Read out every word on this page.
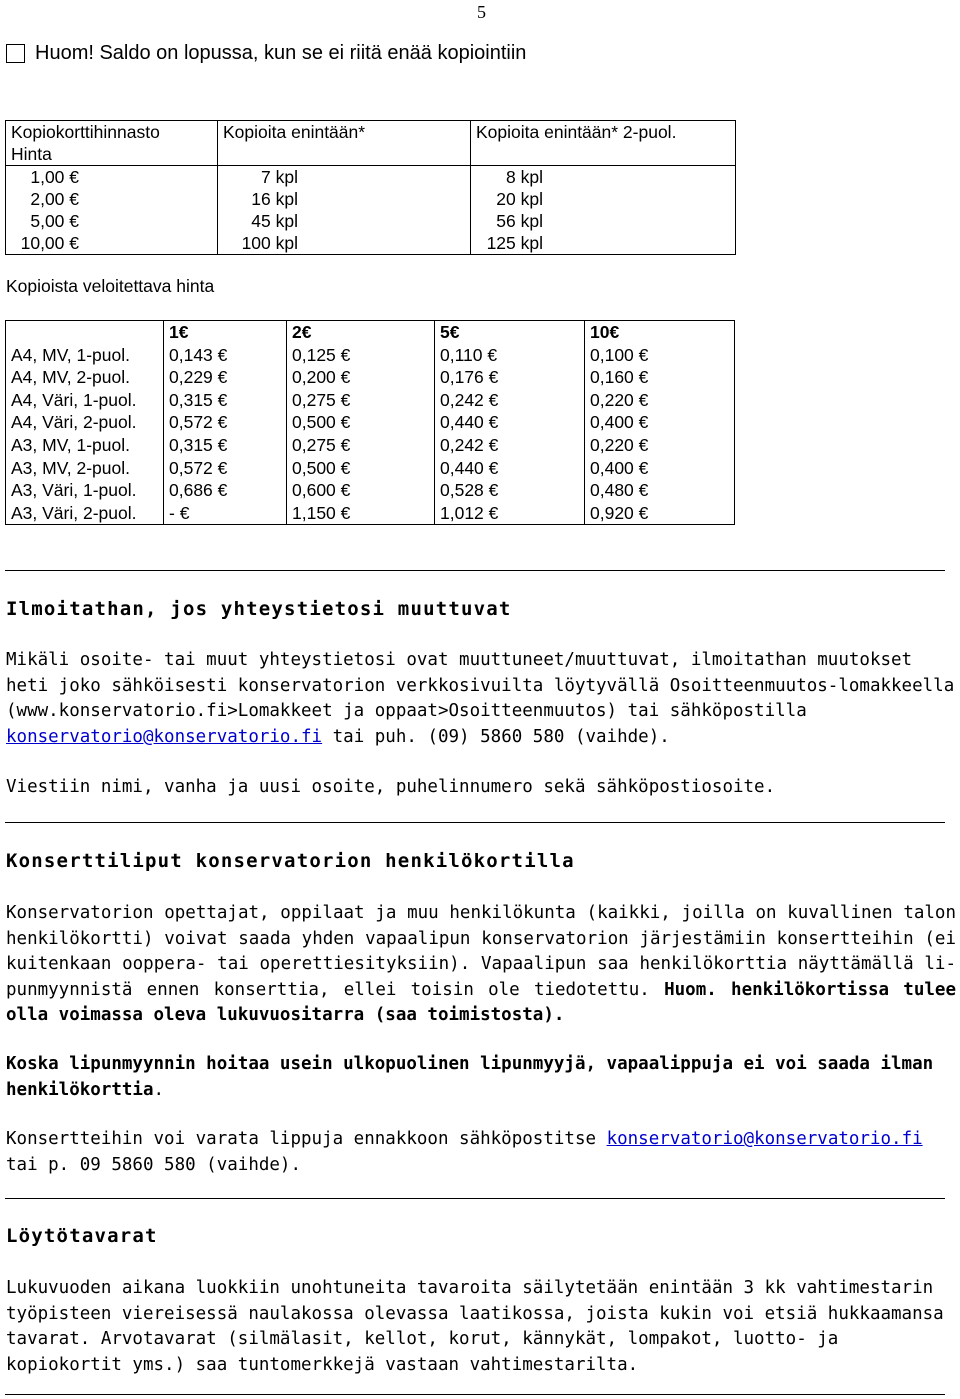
5
Huom! Saldo on lopussa, kun se ei riitä enää kopiointiin
Kopiokorttihinnasto	Kopioita enintään*	Kopioita enintään* 2-puol.
Hinta		
1,00 €	7 kpl	8 kpl
2,00 €	16 kpl	20 kpl
5,00 €	45 kpl	56 kpl
10,00 €	100 kpl	125 kpl
Kopioista veloitettava hinta
	1€	2€	5€	10€
A4, MV, 1-puol.	0,143 €	0,125 €	0,110 €	0,100 €
A4, MV, 2-puol.	0,229 €	0,200 €	0,176 €	0,160 €
A4, Väri, 1-puol.	0,315 €	0,275 €	0,242 €	0,220 €
A4, Väri, 2-puol.	0,572 €	0,500 €	0,440 €	0,400 €
A3, MV, 1-puol.	0,315 €	0,275 €	0,242 €	0,220 €
A3, MV, 2-puol.	0,572 €	0,500 €	0,440 €	0,400 €
A3, Väri, 1-puol.	0,686 €	0,600 €	0,528 €	0,480 €
A3, Väri, 2-puol.	- €	1,150 €	1,012 €	0,920 €
Ilmoitathan, jos yhteystietosi muuttuvat
Mikäli osoite- tai muut yhteystietosi ovat muuttuneet/muuttuvat, ilmoitathan muutokset heti joko sähköisesti konservatorion verkkosivuilta löytyvällä Osoitteenmuutos-lomakkeella (www.konservatorio.fi>Lomakkeet ja oppaat>Osoitteenmuutos) tai sähköpostilla konservatorio@konservatorio.fi tai puh. (09) 5860 580 (vaihde).
Viestiin nimi, vanha ja uusi osoite, puhelinnumero sekä sähköpostiosoite.
Konserttiliput konservatorion henkilökortilla
Konservatorion opettajat, oppilaat ja muu henkilökunta (kaikki, joilla on kuvallinen talon henkilökortti) voivat saada yhden vapaalipun konservatorion järjestämiin konsertteihin (ei kuitenkaan ooppera- tai operettiesityksiin). Vapaalipun saa henkilökorttia näyttämällä li-punmyynnistä ennen konserttia, ellei toisin ole tiedotettu. Huom. henkilökortissa tulee olla voimassa oleva lukuvuositarra (saa toimistosta).
Koska lipunmyynnin hoitaa usein ulkopuolinen lipunmyyjä, vapaalippuja ei voi saada ilman henkilökorttia.
Konsertteihin voi varata lippuja ennakkoon sähköpostitse konservatorio@konservatorio.fi tai p. 09 5860 580 (vaihde).
Löytötavarat
Lukuvuoden aikana luokkiin unohtuneita tavaroita säilytetään enintään 3 kk vahtimestarin työpisteen viereisessä naulakossa olevassa laatikossa, joista kukin voi etsiä hukkaamansa tavarat. Arvotavarat (silmälasit, kellot, korut, kännykät, lompakot, luotto- ja kopiokortit yms.) saa tuntomerkkejä vastaan vahtimestarilta.
